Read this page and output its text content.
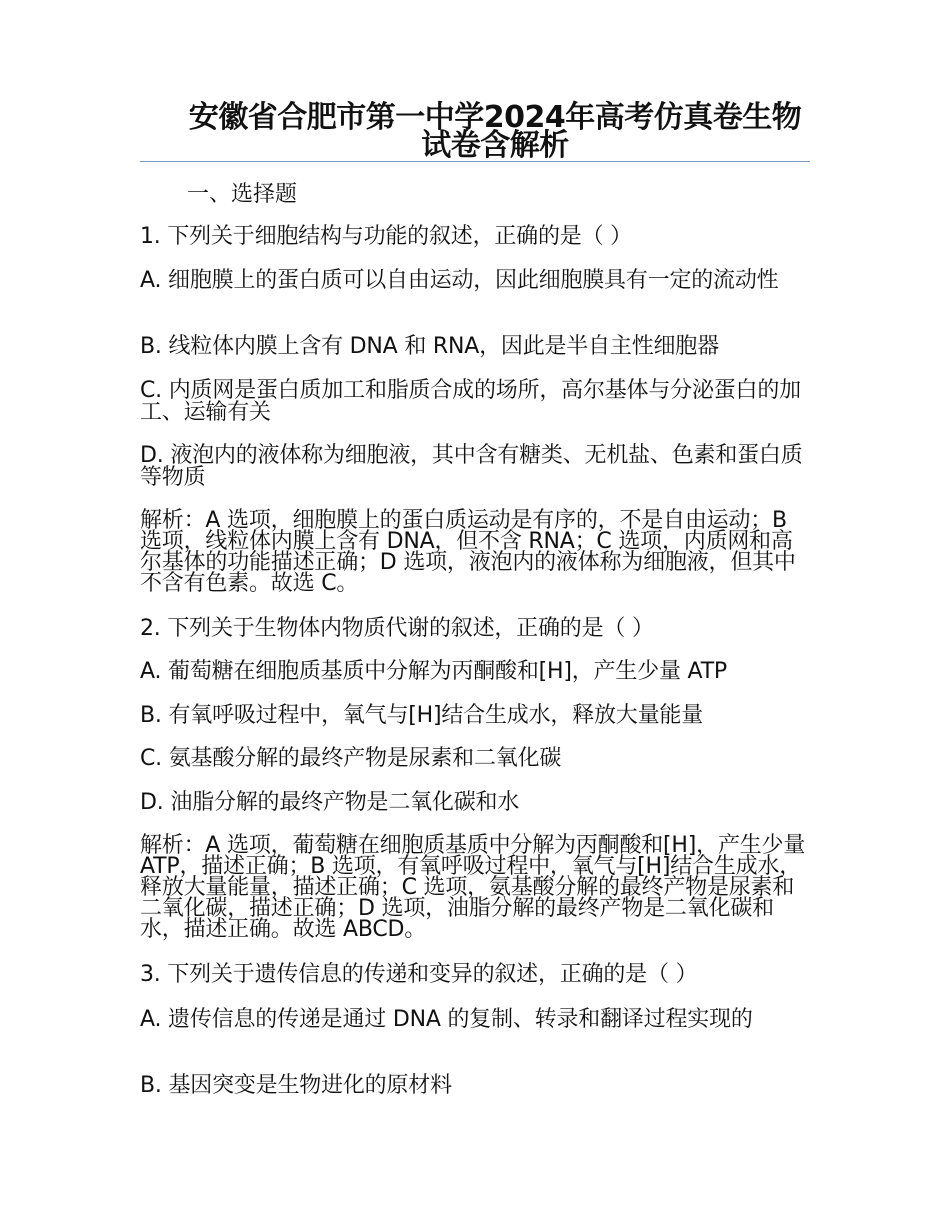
安徽省合肥市第一中学2024年高考仿真卷生物试卷含解析
一、选择题

1. 下列关于细胞结构与功能的叙述，正确的是（ ）

A. 细胞膜上的蛋白质可以自由运动，因此细胞膜具有一定的流动性

B. 线粒体内膜上含有 DNA 和 RNA，因此是半自主性细胞器

C. 内质网是蛋白质加工和脂质合成的场所，高尔基体与分泌蛋白的加工、运输有关

D. 液泡内的液体称为细胞液，其中含有糖类、无机盐、色素和蛋白质等物质

解析：A 选项，细胞膜上的蛋白质运动是有序的，不是自由运动；B 选项，线粒体内膜上含有 DNA，但不含 RNA；C 选项，内质网和高尔基体的功能描述正确；D 选项，液泡内的液体称为细胞液，但其中不含有色素。故选 C。

2. 下列关于生物体内物质代谢的叙述，正确的是（ ）

A. 葡萄糖在细胞质基质中分解为丙酮酸和[H]，产生少量 ATP

B. 有氧呼吸过程中，氧气与[H]结合生成水，释放大量能量

C. 氨基酸分解的最终产物是尿素和二氧化碳

D. 油脂分解的最终产物是二氧化碳和水

解析：A 选项，葡萄糖在细胞质基质中分解为丙酮酸和[H]，产生少量 ATP，描述正确；B 选项，有氧呼吸过程中，氧气与[H]结合生成水，释放大量能量，描述正确；C 选项，氨基酸分解的最终产物是尿素和二氧化碳，描述正确；D 选项，油脂分解的最终产物是二氧化碳和水，描述正确。故选 ABCD。

3. 下列关于遗传信息的传递和变异的叙述，正确的是（ ）

A. 遗传信息的传递是通过 DNA 的复制、转录和翻译过程实现的

B. 基因突变是生物进化的原材料
